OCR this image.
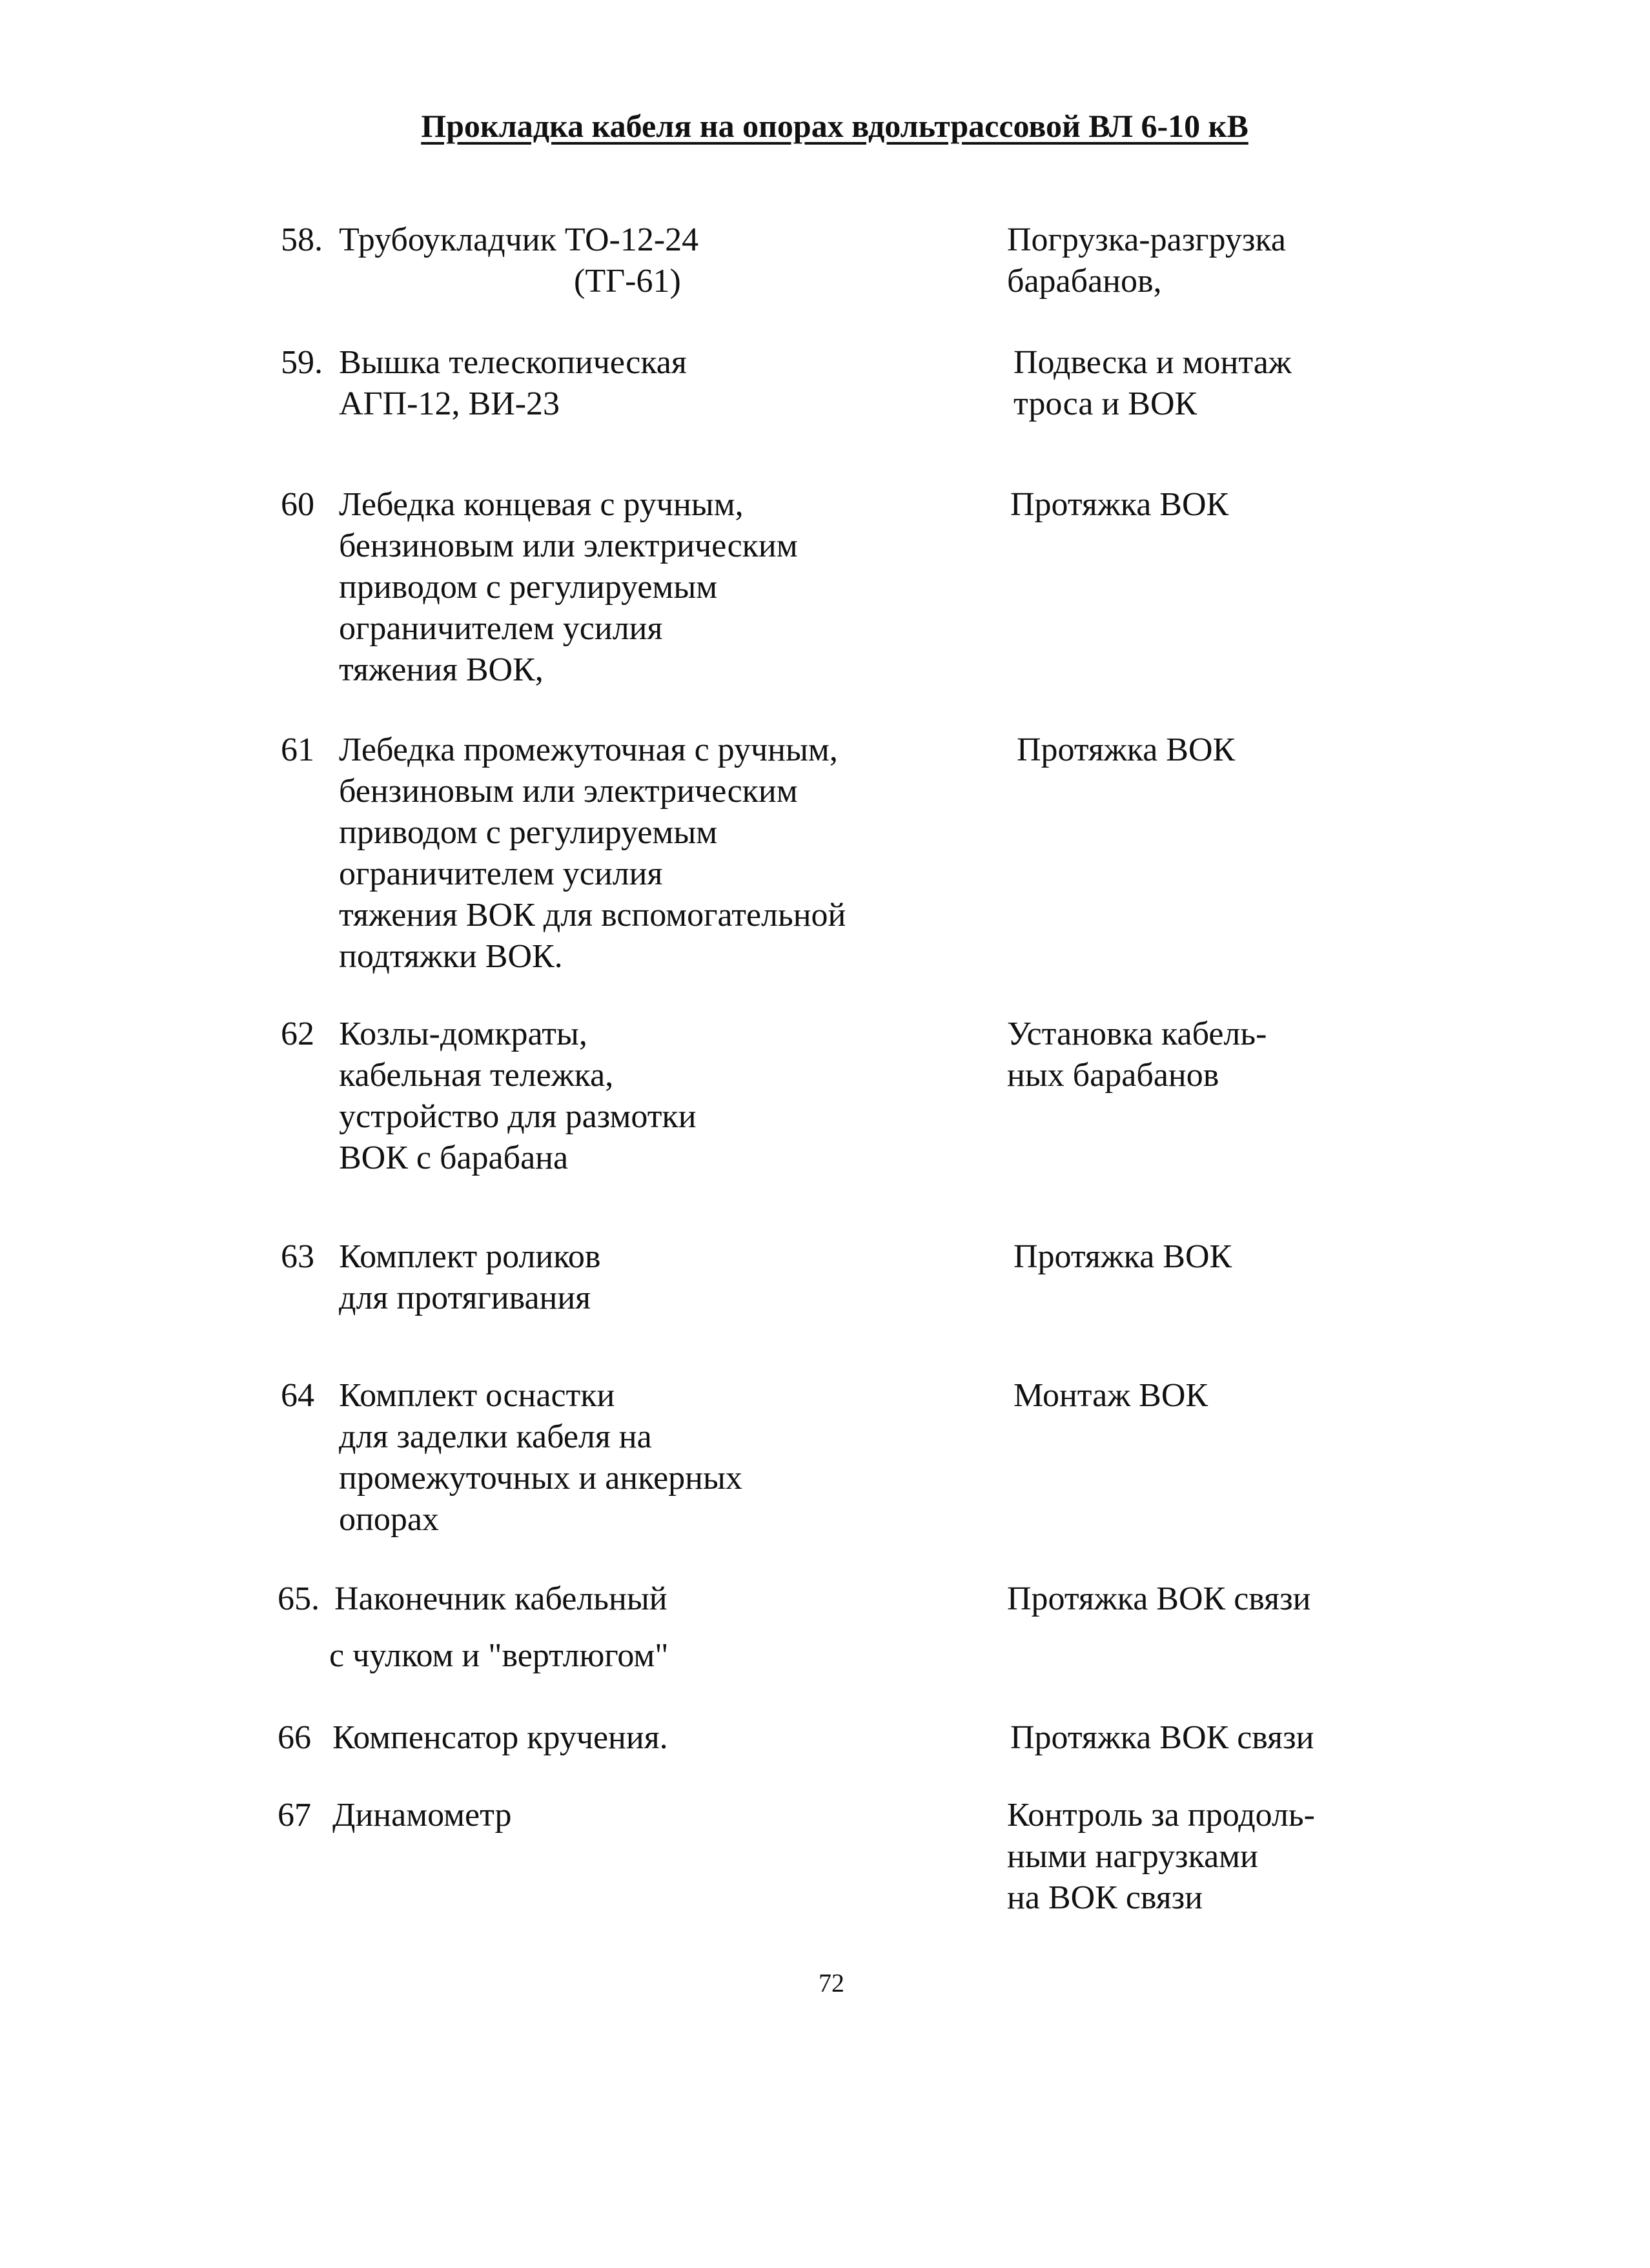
Прокладка кабеля на опорах вдольтрассовой ВЛ 6-10 кВ
58. Трубоукладчик ТО-12-24
(ТГ-61)
Погрузка-разгрузка
барабанов,
59. Вышка телескопическая
АГП-12, ВИ-23
Подвеска и монтаж
троса и ВОК
60 Лебедка концевая с ручным,
бензиновым или электрическим
приводом с регулируемым
ограничителем усилия
тяжения ВОК,
Протяжка ВОК
61 Лебедка промежуточная с ручным,
бензиновым или электрическим
приводом с регулируемым
ограничителем усилия
тяжения ВОК для вспомогательной
подтяжки ВОК.
Протяжка ВОК
62 Козлы-домкраты,
кабельная тележка,
устройство для размотки
ВОК с барабана
Установка кабель-
ных барабанов
63 Комплект роликов
для протягивания
Протяжка ВОК
64 Комплект оснастки
для заделки кабеля на
промежуточных и анкерных
опорах
Монтаж ВОК
65. Наконечник кабельный
с чулком и "вертлюгом"
Протяжка ВОК связи
66 Компенсатор кручения.	Протяжка ВОК связи
67 Динамометр	Контроль за продоль-
ными нагрузками
на ВОК связи
72
